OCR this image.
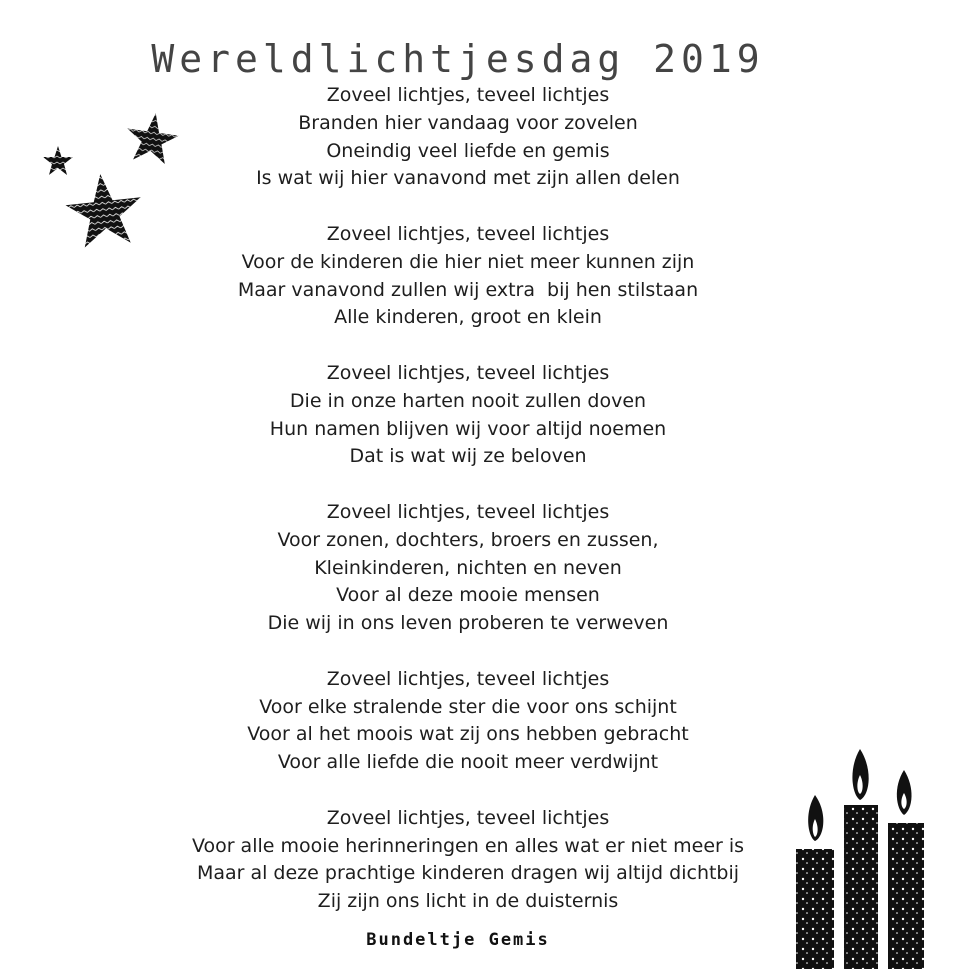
Wereldlichtjesdag 2019
Zoveel lichtjes, teveel lichtjes
Branden hier vandaag voor zovelen
Oneindig veel liefde en gemis
Is wat wij hier vanavond met zijn allen delen
Zoveel lichtjes, teveel lichtjes
Voor de kinderen die hier niet meer kunnen zijn
Maar vanavond zullen wij extra  bij hen stilstaan
Alle kinderen, groot en klein
Zoveel lichtjes, teveel lichtjes
Die in onze harten nooit zullen doven
Hun namen blijven wij voor altijd noemen
Dat is wat wij ze beloven
Zoveel lichtjes, teveel lichtjes
Voor zonen, dochters, broers en zussen,
Kleinkinderen, nichten en neven
Voor al deze mooie mensen
Die wij in ons leven proberen te verweven
Zoveel lichtjes, teveel lichtjes
Voor elke stralende ster die voor ons schijnt
Voor al het moois wat zij ons hebben gebracht
Voor alle liefde die nooit meer verdwijnt
Zoveel lichtjes, teveel lichtjes
Voor alle mooie herinneringen en alles wat er niet meer is
Maar al deze prachtige kinderen dragen wij altijd dichtbij
Zij zijn ons licht in de duisternis
Bundeltje Gemis
